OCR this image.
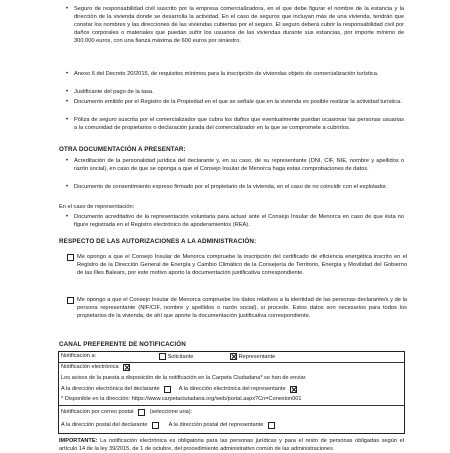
• Seguro de responsabilidad civil suscrito por la empresa comercializadora, en el que debe figurar el nombre de la estancia y la dirección de la vivienda donde se desarrolla la actividad. En el caso de seguros que incluyan más de una vivienda, tendrán que constar los nombres y las direcciones de las viviendas cubiertas por el seguro. El seguro deberá cubrir la responsabilidad civil por daños corporales o materiales que puedan sufrir los usuarios de las viviendas durante sus estancias, por importe mínimo de 300.000 euros, con una fianza máxima de 600 euros por siniestro.
• Anexo 6 del Decreto 20/2015, de requisitos mínimos para la inscripción de viviendas objeto de comercialización turística.
• Justificante del pago de la tasa.
• Documento emitido por el Registro de la Propiedad en el que se señale que en la vivienda es posible realizar la actividad turística.
• Póliza de seguro suscrita por el comercializador que cubra los daños que eventualmente puedan ocasionar las personas usuarias a la comunidad de propietarios o declaración jurada del comercializador en la que se compromete a cubrirlos.
OTRA DOCUMENTACIÓN A PRESENTAR:
• Acreditación de la personalidad jurídica del declarante y, en su caso, de su representante (DNI, CIF, NIE, nombre y apellidos o razón social), en caso de que se oponga a que el Consejo Insular de Menorca haga estas comprobaciones de datos.
• Documento de consentimiento expreso firmado por el propietario de la vivienda, en el caso de no coincidir con el explotador.
En el caso de representación:
• Documento acreditativo de la representación voluntaria para actuar ante el Consejo Insular de Menorca en caso de que ésta no figure registrada en el Registro electrónico de apoderamientos (REA).
RESPECTO DE LAS AUTORIZACIONES A LA ADMINISTRACIÓN:
Me opongo a que el Consejo Insular de Menorca compruebe la inscripción del certificado de eficiencia energética inscrito en el Registro de la Dirección General de Energía y Cambio Climático de la Consejería de Territorio, Energía y Movilidad del Gobierno de las Illes Balears, por este motivo aporto la documentación justificativa correspondiente.
Me opongo a que el Consejo Insular de Menorca compruebe los datos relativos a la identidad de las personas declarante/s y de la persona representante (NIF/CIF, nombre y apellidos o razón social), si procede. Estos datos son necesarios para todos los propietarios de la vivienda, de ahí que aporte la documentación justificativa correspondiente.
CANAL PREFERENTE DE NOTIFICACIÓN
Notificación a:	Solicitante	Representante
Notificación electrónica
Los avisos de la puesta a disposición de la notificación en la Carpeta Ciudadana* se han de enviar.
A la dirección electrónica del declarante	A la dirección electrónica del representante
* Disponible en la dirección: https://www.carpetaciutadana.org/web/portal.aspx?Cn=Conexion001
Notificación por correo postal	(seleccione una):
A la dirección postal del declarante	A la dirección postal del representante
IMPORTANTE: La notificación electrónica es obligatoria para las personas jurídicas y para el resto de personas obligadas según el artículo 14 de la ley 39/2015, de 1 de octubre, del procedimiento administrativo común de las administraciones
